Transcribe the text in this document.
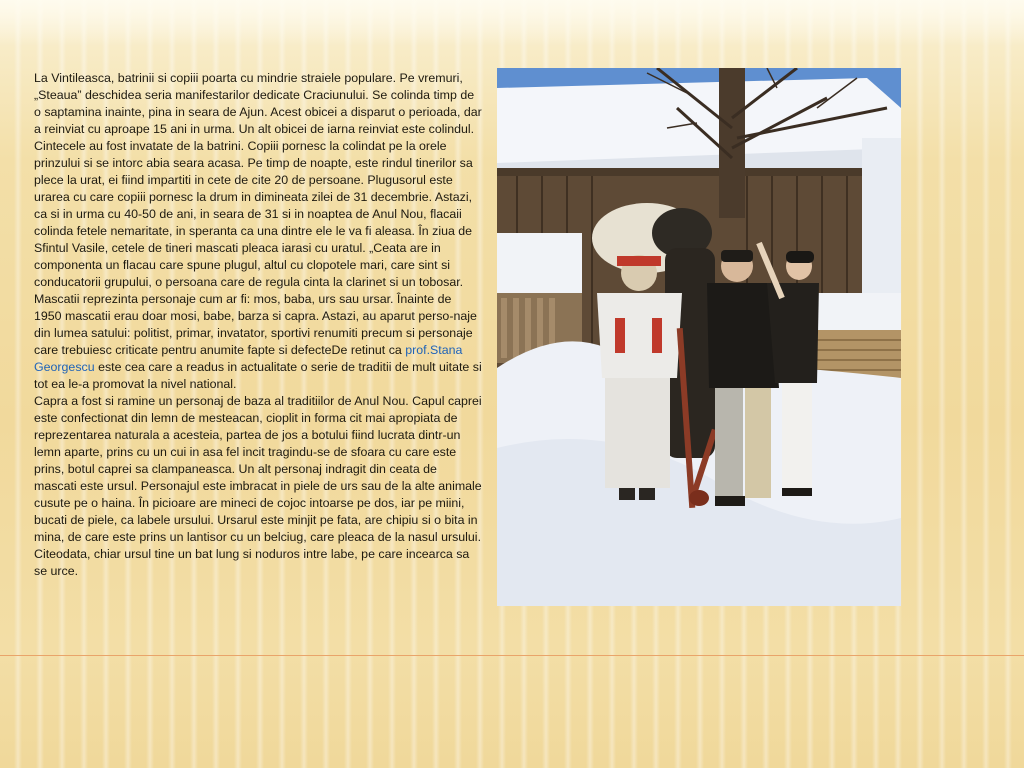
La Vintileasca, batrinii si copiii poarta cu mindrie straiele populare. Pe vremuri, „Steaua” deschidea seria manifestarilor dedicate Craciunului. Se colinda timp de o saptamina inainte, pina in seara de Ajun. Acest obicei a disparut o perioada, dar a reinviat cu aproape 15 ani in urma. Un alt obicei de iarna reinviat este colindul. Cintecele au fost invatate de la batrini. Copiii pornesc la colindat pe la orele prinzului si se intorc abia seara acasa. Pe timp de noapte, este rindul tinerilor sa plece la urat, ei fiind impartiti in cete de cite 20 de persoane. Plugusorul este urarea cu care copiii pornesc la drum in dimineata zilei de 31 decembrie. Astazi, ca si in urma cu 40-50 de ani, in seara de 31 si in noaptea de Anul Nou, flacaii colinda fetele nemaritate, in speranta ca una dintre ele le va fi aleasa. În ziua de Sfintul Vasile, cetele de tineri mascati pleaca iarasi cu uratul. „Ceata are in componenta un flacau care spune plugul, altul cu clopotele mari, care sint si conducatorii grupului, o persoana care de regula cinta la clarinet si un tobosar. Mascatii reprezinta personaje cum ar fi: mos, baba, urs sau ursar. Înainte de 1950 mascatii erau doar mosi, babe, barza si capra. Astazi, au aparut perso-naje din lumea satului: politist, primar, invatator, sportivi renumiti precum si personaje care trebuiesc criticate pentru anumite fapte si defecteDe retinut ca prof.Stana Georgescu este cea care a readus in actualitate o serie de traditii de mult uitate si tot ea le-a promovat la nivel national.
Capra a fost si ramine un personaj de baza al traditiilor de Anul Nou. Capul caprei este confectionat din lemn de mesteacan, cioplit in forma cit mai apropiata de reprezentarea naturala a acesteia, partea de jos a botului fiind lucrata dintr-un lemn aparte, prins cu un cui in asa fel incit tragindu-se de sfoara cu care este prins, botul caprei sa clampaneasca. Un alt personaj indragit din ceata de mascati este ursul. Personajul este imbracat in piele de urs sau de la alte animale cusute pe o haina. În picioare are mineci de cojoc intoarse pe dos, iar pe miini, bucati de piele, ca labele ursului. Ursarul este minjit pe fata, are chipiu si o bita in mina, de care este prins un lantisor cu un belciug, care pleaca de la nasul ursului. Citeodata, chiar ursul tine un bat lung si noduros intre labe, pe care incearca sa se urce.
